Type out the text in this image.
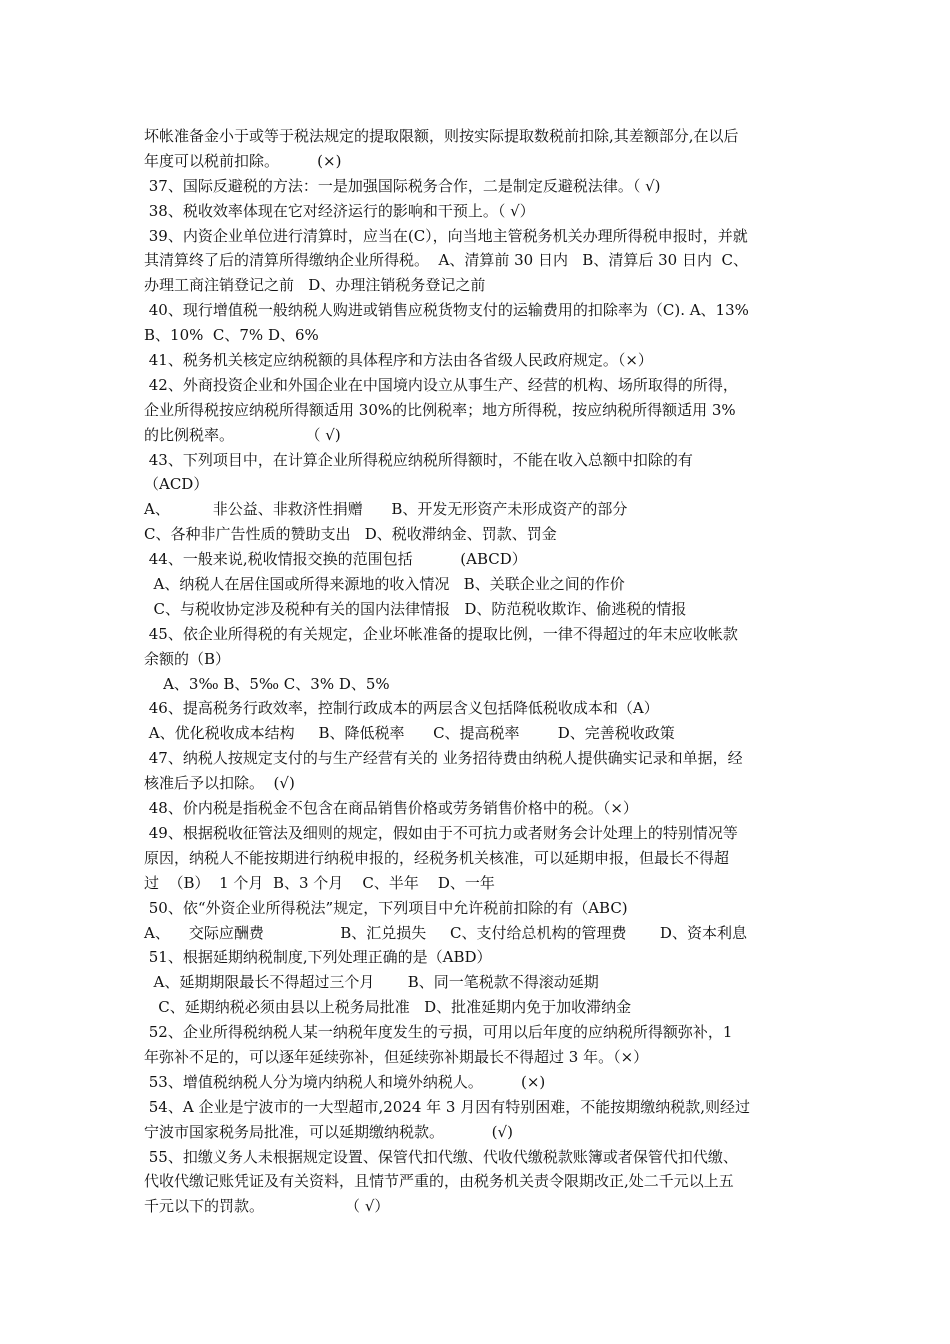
坏帐准备金小于或等于税法规定的提取限额，则按实际提取数税前扣除,其差额部分,在以后
年度可以税前扣除。        (×)
37、国际反避税的方法：一是加强国际税务合作，二是制定反避税法律。（ √)
38、税收效率体现在它对经济运行的影响和干预上。（ √）
39、内资企业单位进行清算时，应当在(C），向当地主管税务机关办理所得税申报时，并就
其清算终了后的清算所得缴纳企业所得税。  A、清算前 30 日内   B、清算后 30 日内  C、
办理工商注销登记之前   D、办理注销税务登记之前
40、现行增值税一般纳税人购进或销售应税货物支付的运输费用的扣除率为（C). A、13%
B、10%  C、7% D、6%
41、税务机关核定应纳税额的具体程序和方法由各省级人民政府规定。（×）
42、外商投资企业和外国企业在中国境内设立从事生产、经营的机构、场所取得的所得，
企业所得税按应纳税所得额适用 30%的比例税率；地方所得税，按应纳税所得额适用 3%
的比例税率。               （ √)
43、下列项目中，在计算企业所得税应纳税所得额时，不能在收入总额中扣除的有
（ACD）
A、         非公益、非救济性捐赠      B、开发无形资产未形成资产的部分
C、各种非广告性质的赞助支出   D、税收滞纳金、罚款、罚金
44、一般来说,税收情报交换的范围包括          (ABCD）
A、纳税人在居住国或所得来源地的收入情况   B、关联企业之间的作价
C、与税收协定涉及税种有关的国内法律情报   D、防范税收欺诈、偷逃税的情报
45、依企业所得税的有关规定，企业坏帐准备的提取比例，一律不得超过的年末应收帐款
余额的（B）
A、3‰ B、5‰ C、3% D、5%
46、提高税务行政效率，控制行政成本的两层含义包括降低税收成本和（A）
A、优化税收成本结构     B、降低税率      C、提高税率        D、完善税收政策
47、纳税人按规定支付的与生产经营有关的 业务招待费由纳税人提供确实记录和单据，经
核准后予以扣除。  (√)
48、价内税是指税金不包含在商品销售价格或劳务销售价格中的税。（×）
49、根据税收征管法及细则的规定，假如由于不可抗力或者财务会计处理上的特别情况等
原因，纳税人不能按期进行纳税申报的，经税务机关核准，可以延期申报，但最长不得超
过  （B）  1 个月  B、3 个月    C、半年    D、一年
50、依“外资企业所得税法”规定，下列项目中允许税前扣除的有（ABC)
A、    交际应酬费                B、汇兑损失     C、支付给总机构的管理费       D、资本利息
51、根据延期纳税制度,下列处理正确的是（ABD）
A、延期期限最长不得超过三个月       B、同一笔税款不得滚动延期
C、延期纳税必须由县以上税务局批准   D、批准延期内免于加收滞纳金
52、企业所得税纳税人某一纳税年度发生的亏损，可用以后年度的应纳税所得额弥补，1
年弥补不足的，可以逐年延续弥补，但延续弥补期最长不得超过 3 年。（×）
53、增值税纳税人分为境内纳税人和境外纳税人。        (×)
54、A 企业是宁波市的一大型超市,2024 年 3 月因有特别困难，不能按期缴纳税款,则经过
宁波市国家税务局批准，可以延期缴纳税款。          (√)
55、扣缴义务人未根据规定设置、保管代扣代缴、代收代缴税款账簿或者保管代扣代缴、
代收代缴记账凭证及有关资料，且情节严重的，由税务机关责令限期改正,处二千元以上五
千元以下的罚款。                 （ √）
